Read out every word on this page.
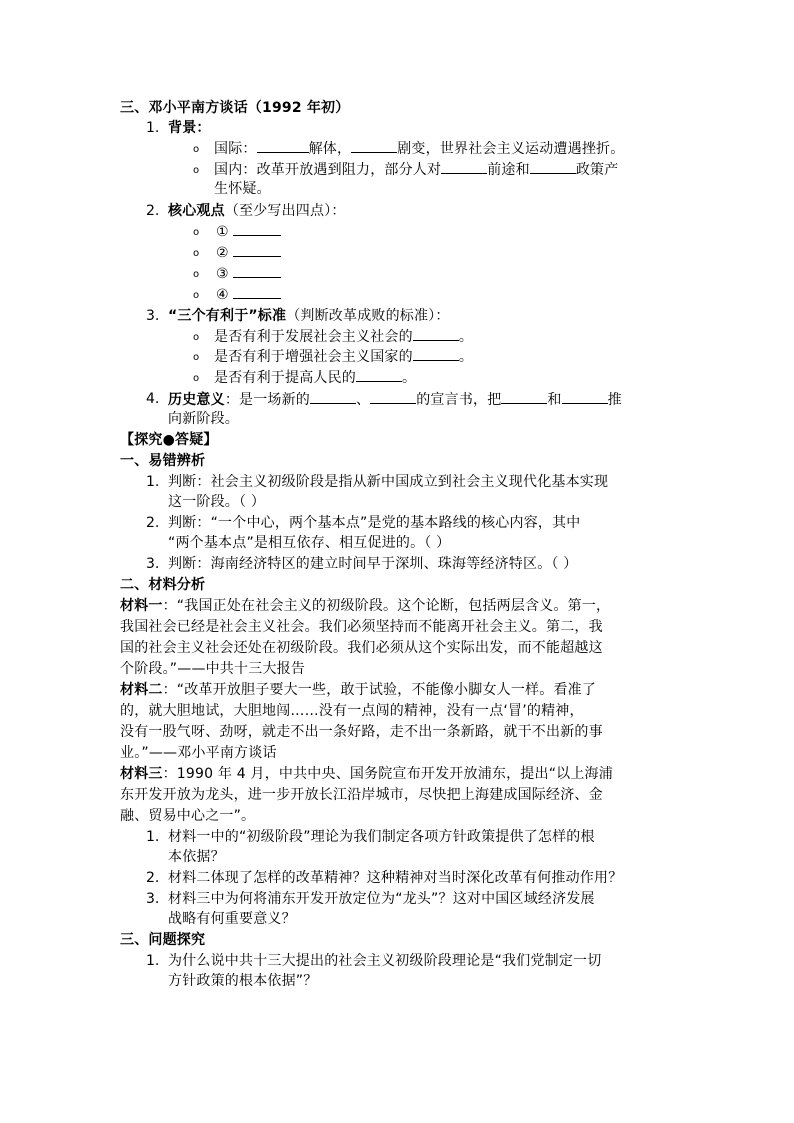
三、邓小平南方谈话（1992 年初）
1. 背景：
o 国际：	解体，	剧变，世界社会主义运动遭遇挫折。
o 国内：改革开放遇到阻力，部分人对	前途和	政策产
生怀疑。
2. 核心观点（至少写出四点）：
o ①
o ②
o ③
o ④
3. “三个有利于”标准（判断改革成败的标准）：
o 是否有利于发展社会主义社会的	。
o 是否有利于增强社会主义国家的	。
o 是否有利于提高人民的	。
4. 历史意义：是一场新的	、	的宣言书，把	和	推
向新阶段。
【探究●答疑】
一、易错辨析
1. 判断：社会主义初级阶段是指从新中国成立到社会主义现代化基本实现
这一阶段。（ ）
2. 判断：“一个中心，两个基本点”是党的基本路线的核心内容，其中
“两个基本点”是相互依存、相互促进的。（ ）
3. 判断：海南经济特区的建立时间早于深圳、珠海等经济特区。（ ）
二、材料分析
材料一：“我国正处在社会主义的初级阶段。这个论断，包括两层含义。第一，
我国社会已经是社会主义社会。我们必须坚持而不能离开社会主义。第二，我
国的社会主义社会还处在初级阶段。我们必须从这个实际出发，而不能超越这
个阶段。”——中共十三大报告
材料二：“改革开放胆子要大一些，敢于试验，不能像小脚女人一样。看准了
的，就大胆地试，大胆地闯……没有一点闯的精神，没有一点‘冒’的精神，
没有一股气呀、劲呀，就走不出一条好路，走不出一条新路，就干不出新的事
业。”——邓小平南方谈话
材料三：1990 年 4 月，中共中央、国务院宣布开发开放浦东，提出“以上海浦
东开发开放为龙头，进一步开放长江沿岸城市，尽快把上海建成国际经济、金
融、贸易中心之一”。
1. 材料一中的“初级阶段”理论为我们制定各项方针政策提供了怎样的根
本依据？
2. 材料二体现了怎样的改革精神？这种精神对当时深化改革有何推动作用？
3. 材料三中为何将浦东开发开放定位为“龙头”？这对中国区域经济发展
战略有何重要意义？
三、问题探究
1. 为什么说中共十三大提出的社会主义初级阶段理论是“我们党制定一切
方针政策的根本依据”？
